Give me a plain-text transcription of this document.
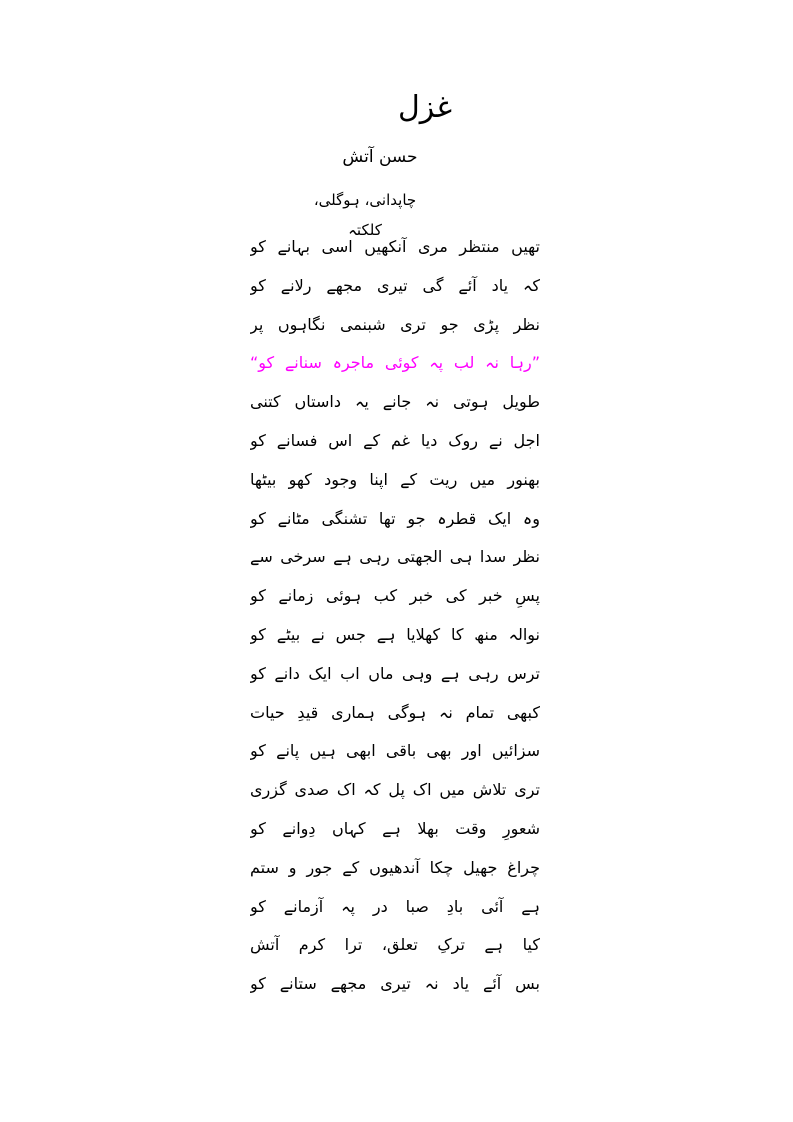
غزل
حسن آتش
چاپدانی، ہوگلی، کلکتہ
تھیں منتظر مری آنکھیں اسی بہانے کو
کہ یاد آئے گی تیری مجھے رلانے کو
نظر پڑی جو تری شبنمی نگاہوں پر
”رہا نہ لب پہ کوئی ماجرہ سنانے کو“
طویل ہوتی نہ جانے یہ داستاں کتنی
اجل نے روک دیا غم کے اس فسانے کو
بھنور میں ریت کے اپنا وجود کھو بیٹھا
وہ ایک قطرہ جو تھا تشنگی مٹانے کو
نظر سدا ہی الجھتی رہی ہے سرخی سے
پسِ خبر کی خبر کب ہوئی زمانے کو
نوالہ منھ کا کھلایا ہے جس نے بیٹے کو
ترس رہی ہے وہی ماں اب ایک دانے کو
کبھی تمام نہ ہوگی ہماری قیدِ حیات
سزائیں اور بھی باقی ابھی ہیں پانے کو
تری تلاش میں اک پل کہ اک صدی گزری
شعورِ وقت بھلا ہے کہاں دِوانے کو
چراغ جھیل چکا آندھیوں کے جور و ستم
ہے آئی بادِ صبا در پہ آزمانے کو
کیا ہے ترکِ تعلق، ترا کرم آتش
بس آئے یاد نہ تیری مجھے ستانے کو
